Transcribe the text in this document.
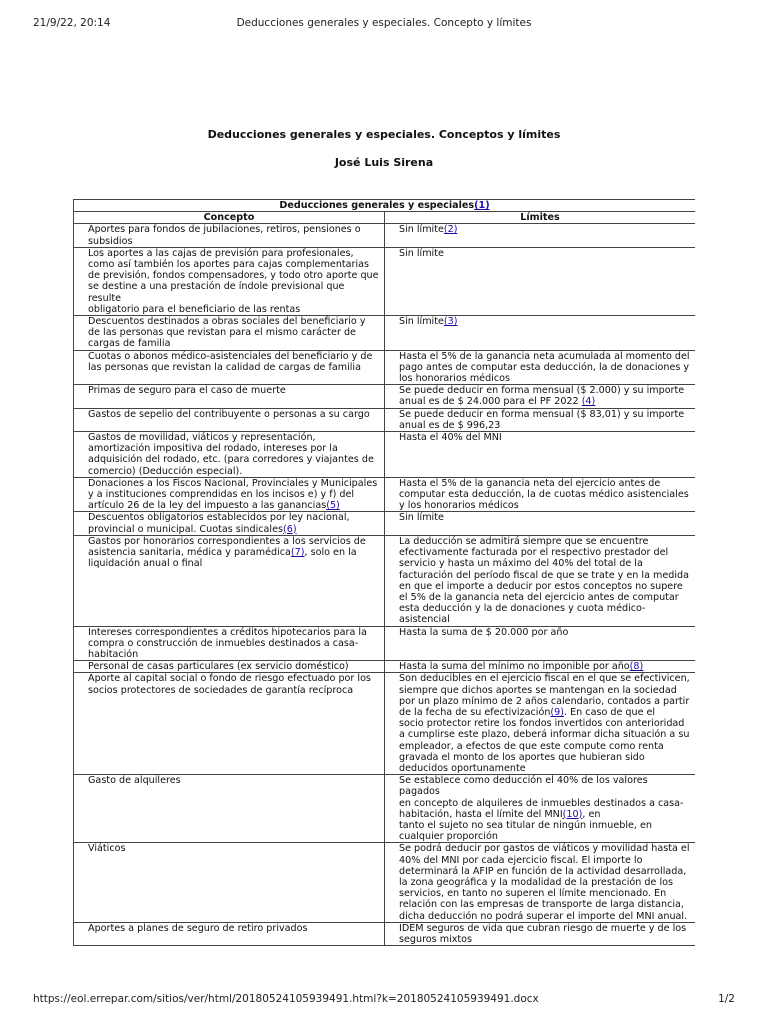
21/9/22, 20:14	Deducciones generales y especiales. Concepto y límites
Deducciones generales y especiales. Conceptos y límites
José Luis Sirena
Deducciones generales y especiales(1)	
Concepto	Límites

Aportes para fondos de jubilaciones, retiros, pensiones o subsidios	Sin límite(2)

Los aportes a las cajas de previsión para profesionales, como así también los aportes para cajas complementarias de previsión, fondos compensadores, y todo otro aporte que se destine a una prestación de índole previsional que resulte
obligatorio para el beneficiario de las rentas	Sin límite

Descuentos destinados a obras sociales del beneficiario y de las personas que revistan para el mismo carácter de cargas de familia	Sin límite(3)

Cuotas o abonos médico-asistenciales del beneficiario y de las personas que revistan la calidad de cargas de familia	Hasta el 5% de la ganancia neta acumulada al momento del pago antes de computar esta deducción, la de donaciones y los honorarios médicos

Primas de seguro para el caso de muerte	Se puede deducir en forma mensual ($ 2.000) y su importe anual es de $ 24.000 para el PF 2022 (4)

Gastos de sepelio del contribuyente o personas a su cargo	Se puede deducir en forma mensual ($ 83,01) y su importe anual es de $ 996,23

Gastos de movilidad, viáticos y representación, amortización impositiva del rodado, intereses por la adquisición del rodado, etc. (para corredores y viajantes de comercio) (Deducción especial).	Hasta el 40% del MNI

Donaciones a los Fiscos Nacional, Provinciales y Municipales y a instituciones comprendidas en los incisos e) y f) del artículo 26 de la ley del impuesto a las ganancias(5)	Hasta el 5% de la ganancia neta del ejercicio antes de computar esta deducción, la de cuotas médico asistenciales y los honorarios médicos

Descuentos obligatorios establecidos por ley nacional, provincial o municipal. Cuotas sindicales(6)	Sin límite

Gastos por honorarios correspondientes a los servicios de asistencia sanitaria, médica y paramédica(7), solo en la liquidación anual o final	La deducción se admitirá siempre que se encuentre efectivamente facturada por el respectivo prestador del servicio y hasta un máximo del 40% del total de la facturación del período fiscal de que se trate y en la medida en que el importe a deducir por estos conceptos no supere el 5% de la ganancia neta del ejercicio antes de computar esta deducción y la de donaciones y cuota médico-asistencial

Intereses correspondientes a créditos hipotecarios para la compra o construcción de inmuebles destinados a casa-habitación	Hasta la suma de $ 20.000 por año

Personal de casas particulares (ex servicio doméstico)	Hasta la suma del mínimo no imponible por año(8)

Aporte al capital social o fondo de riesgo efectuado por los socios protectores de sociedades de garantía recíproca	Son deducibles en el ejercicio fiscal en el que se efectivicen, siempre que dichos aportes se mantengan en la sociedad por un plazo mínimo de 2 años calendario, contados a partir de la fecha de su efectivización(9). En caso de que el
socio protector retire los fondos invertidos con anterioridad
a cumplirse este plazo, deberá informar dicha situación a su empleador, a efectos de que este compute como renta gravada el monto de los aportes que hubieran sido deducidos oportunamente

Gasto de alquileres	Se establece como deducción el 40% de los valores pagados
en concepto de alquileres de inmuebles destinados a casa-habitación, hasta el límite del MNI(10), en
tanto el sujeto no sea titular de ningún inmueble, en cualquier proporción

Viáticos	Se podrá deducir por gastos de viáticos y movilidad hasta el 40% del MNI por cada ejercicio fiscal. El importe lo determinará la AFIP en función de la actividad desarrollada, la zona geográfica y la modalidad de la prestación de los servicios, en tanto no superen el límite mencionado. En relación con las empresas de transporte de larga distancia, dicha deducción no podrá superar el importe del MNI anual.

Aportes a planes de seguro de retiro privados	IDEM seguros de vida que cubran riesgo de muerte y de los
seguros mixtos
https://eol.errepar.com/sitios/ver/html/20180524105939491.html?k=20180524105939491.docx	1/2
